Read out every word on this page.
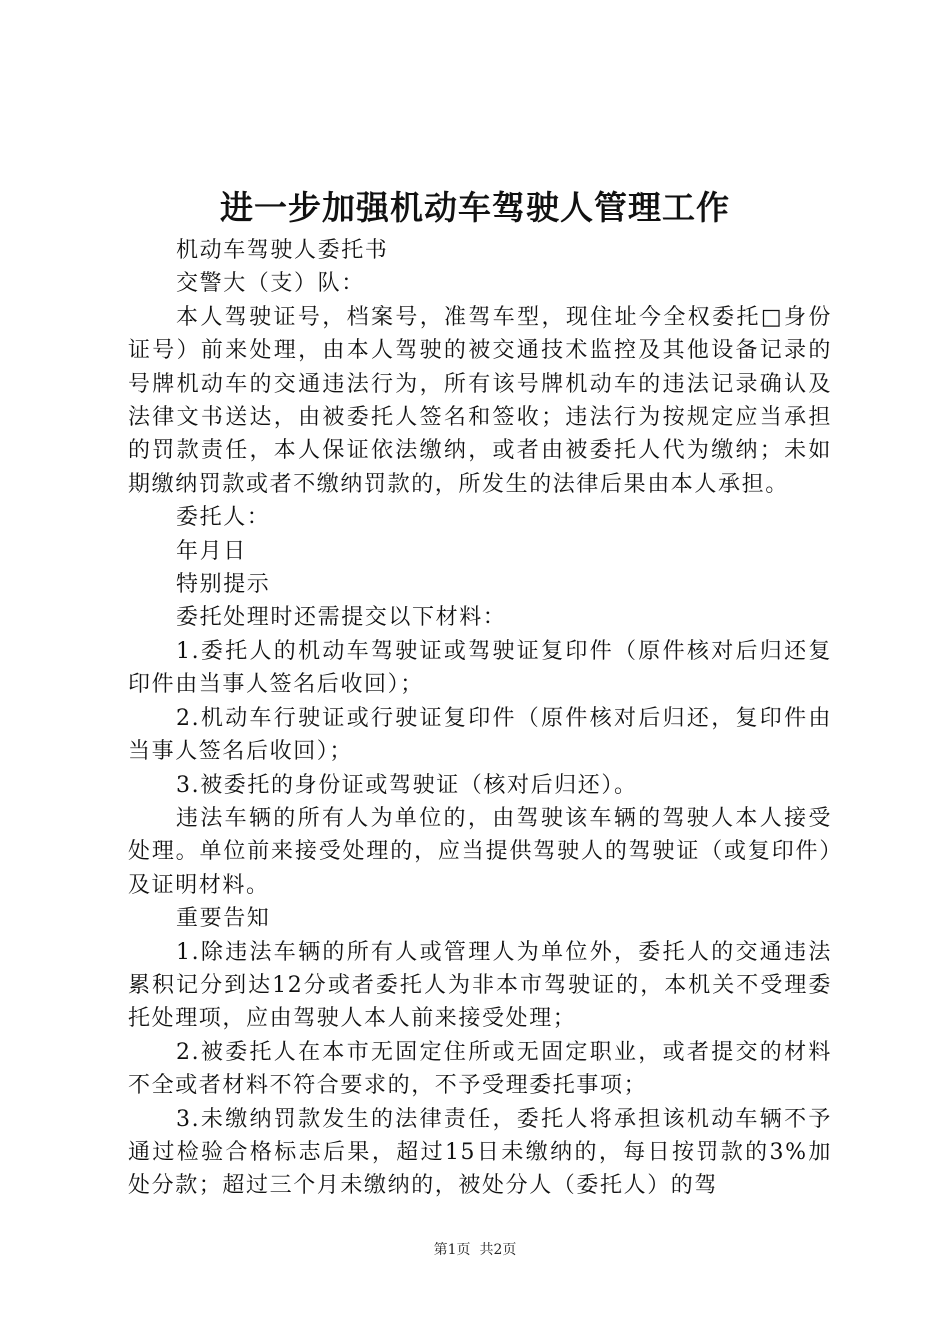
进一步加强机动车驾驶人管理工作

机动车驾驶人委托书

交警大（支）队：

本人驾驶证号，档案号，准驾车型，现住址今全权委托□身份证号）前来处理，由本人驾驶的被交通技术监控及其他设备记录的号牌机动车的交通违法行为，所有该号牌机动车的违法记录确认及法律文书送达，由被委托人签名和签收；违法行为按规定应当承担的罚款责任，本人保证依法缴纳，或者由被委托人代为缴纳；未如期缴纳罚款或者不缴纳罚款的，所发生的法律后果由本人承担。

委托人：

年月日

特别提示

委托处理时还需提交以下材料：

1.委托人的机动车驾驶证或驾驶证复印件（原件核对后归还复印件由当事人签名后收回）；

2.机动车行驶证或行驶证复印件（原件核对后归还，复印件由当事人签名后收回）；

3.被委托的身份证或驾驶证（核对后归还）。

违法车辆的所有人为单位的，由驾驶该车辆的驾驶人本人接受处理。单位前来接受处理的，应当提供驾驶人的驾驶证（或复印件）及证明材料。

重要告知

1.除违法车辆的所有人或管理人为单位外，委托人的交通违法累积记分到达12分或者委托人为非本市驾驶证的，本机关不受理委托处理项，应由驾驶人本人前来接受处理；

2.被委托人在本市无固定住所或无固定职业，或者提交的材料不全或者材料不符合要求的，不予受理委托事项；

3.未缴纳罚款发生的法律责任，委托人将承担该机动车辆不予通过检验合格标志后果，超过15日未缴纳的，每日按罚款的3%加处分款；超过三个月未缴纳的，被处分人（委托人）的驾

第1页 共2页
